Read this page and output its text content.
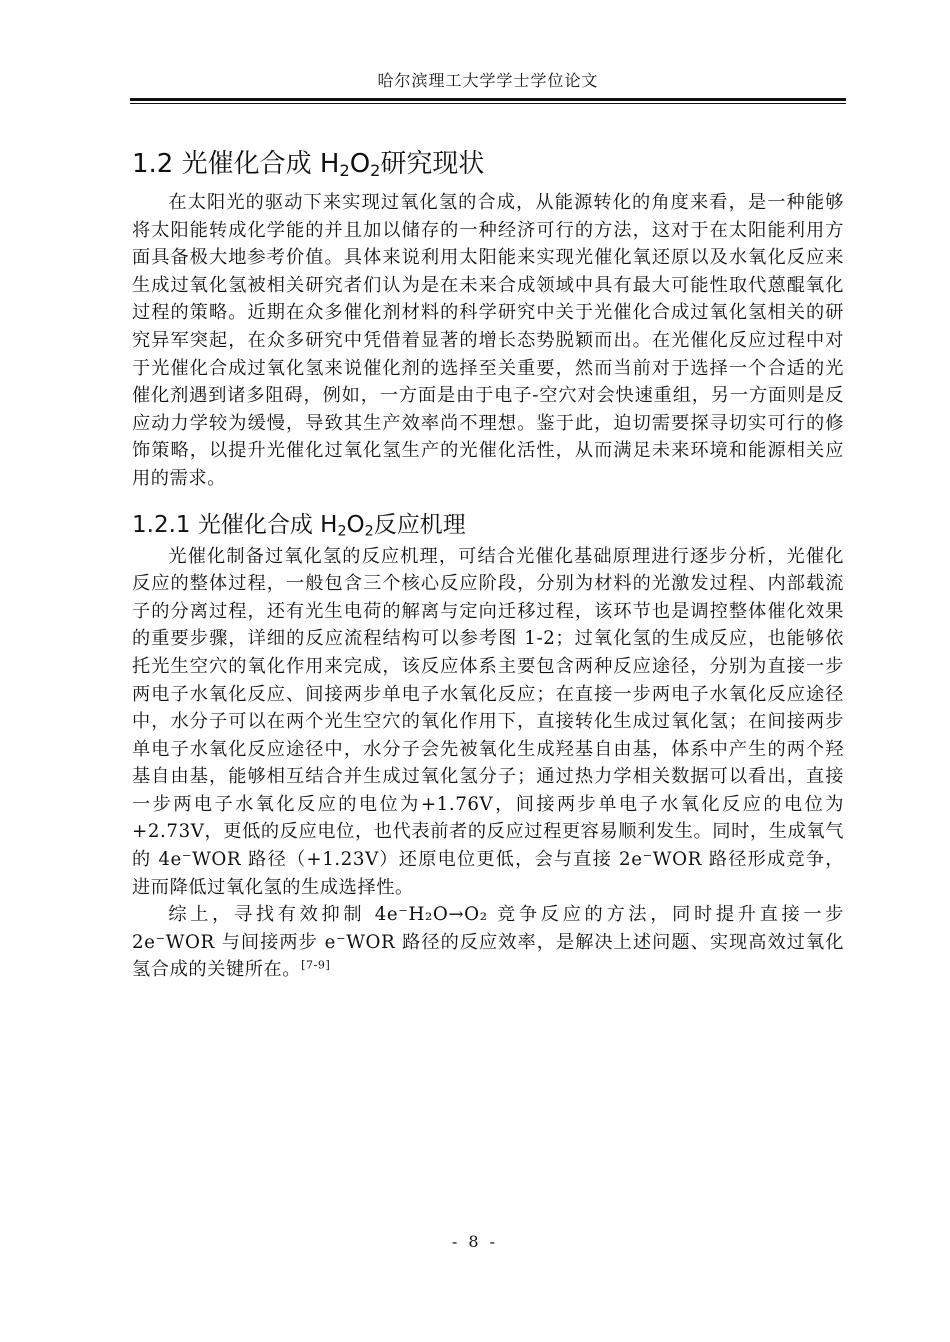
哈尔滨理工大学学士学位论文
1.2 光催化合成 $H_2O_2$研究现状

在太阳光的驱动下来实现过氧化氢的合成，从能源转化的角度来看，是一种能够将太阳能转成化学能的并且加以储存的一种经济可行的方法，这对于在太阳能利用方面具备极大地参考价值。具体来说利用太阳能来实现光催化氧还原以及水氧化反应来生成过氧化氢被相关研究者们认为是在未来合成领域中具有最大可能性取代蒽醌氧化过程的策略。近期在众多催化剂材料的科学研究中关于光催化合成过氧化氢相关的研究异军突起，在众多研究中凭借着显著的增长态势脱颖而出。在光催化反应过程中对于光催化合成过氧化氢来说催化剂的选择至关重要，然而当前对于选择一个合适的光催化剂遇到诸多阻碍，例如，一方面是由于电子-空穴对会快速重组，另一方面则是反应动力学较为缓慢，导致其生产效率尚不理想。鉴于此，迫切需要探寻切实可行的修饰策略，以提升光催化过氧化氢生产的光催化活性，从而满足未来环境和能源相关应用的需求。

1.2.1 光催化合成 $H_2O_2$反应机理

光催化制备过氧化氢的反应机理，可结合光催化基础原理进行逐步分析，光催化反应的整体过程，一般包含三个核心反应阶段，分别为材料的光激发过程、内部载流子的分离过程，还有光生电荷的解离与定向迁移过程，该环节也是调控整体催化效果的重要步骤，详细的反应流程结构可以参考图 1-2；过氧化氢的生成反应，也能够依托光生空穴的氧化作用来完成，该反应体系主要包含两种反应途径，分别为直接一步两电子水氧化反应、间接两步单电子水氧化反应；在直接一步两电子水氧化反应途径中，水分子可以在两个光生空穴的氧化作用下，直接转化生成过氧化氢；在间接两步单电子水氧化反应途径中，水分子会先被氧化生成羟基自由基，体系中产生的两个羟基自由基，能够相互结合并生成过氧化氢分子；通过热力学相关数据可以看出，直接一步两电子水氧化反应的电位为+1.76V，间接两步单电子水氧化反应的电位为+2.73V，更低的反应电位，也代表前者的反应过程更容易顺利发生。同时，生成氧气的 4e⁻WOR 路径（+1.23V）还原电位更低，会与直接 2e⁻WOR 路径形成竞争，进而降低过氧化氢的生成选择性。

综上，寻找有效抑制 4e⁻H₂O→O₂ 竞争反应的方法，同时提升直接一步 2e⁻WOR 与间接两步 e⁻WOR 路径的反应效率，是解决上述问题、实现高效过氧化氢合成的关键所在。[7-9]

- 8 -
